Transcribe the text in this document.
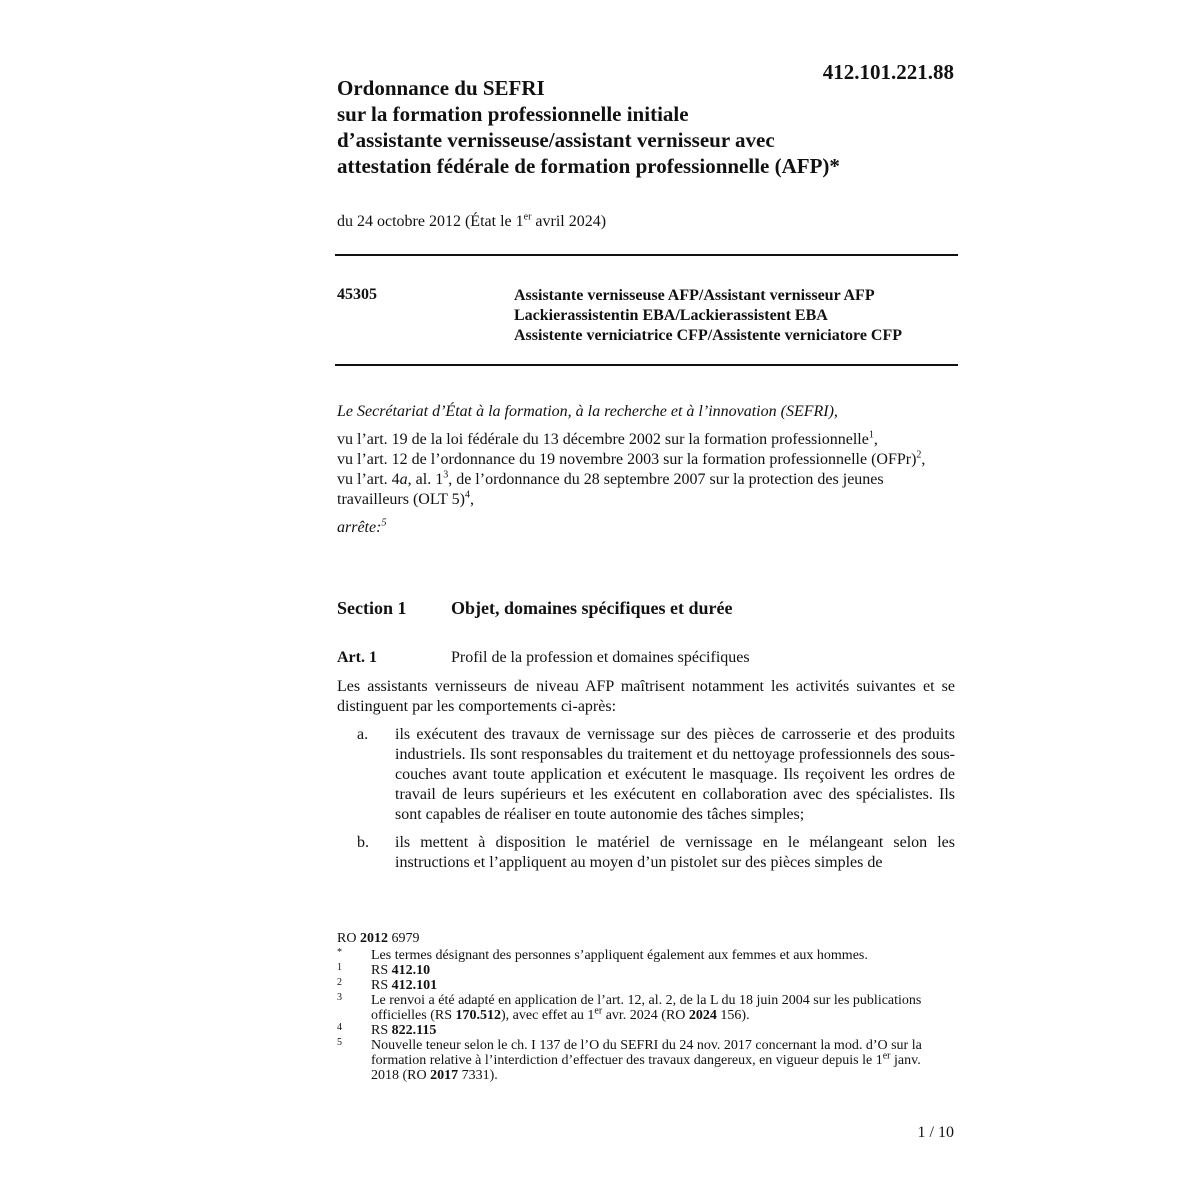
412.101.221.88
Ordonnance du SEFRI
sur la formation professionnelle initiale
d’assistante vernisseuse/assistant vernisseur avec
attestation fédérale de formation professionnelle (AFP)*
du 24 octobre 2012 (État le 1er avril 2024)
45305	Assistante vernisseuse AFP/Assistant vernisseur AFP
Lackierassistentin EBA/Lackierassistent EBA
Assistente verniciatrice CFP/Assistente verniciatore CFP

Le Secrétariat d’État à la formation, à la recherche et à l’innovation (SEFRI),

vu l’art. 19 de la loi fédérale du 13 décembre 2002 sur la formation professionnelle$^1$,

vu l’art. 12 de l’ordonnance du 19 novembre 2003 sur la formation professionnelle (OFPr)$^2$,

vu l’art. 4a, al. $1^3$, de l’ordonnance du 28 septembre 2007 sur la protection des jeunes travailleurs (OLT 5)$^4$,

arrête:$^5$

Section 1 Objet, domaines spécifiques et durée
Art. 1	Profil de la profession et domaines spécifiques

Les assistants vernisseurs de niveau AFP maîtrisent notamment les activités suivantes et se distinguent par les comportements ci-après:

a. ils exécutent des travaux de vernissage sur des pièces de carrosserie et des produits industriels. Ils sont responsables du traitement et du nettoyage professionnels des sous-couches avant toute application et exécutent le masquage. Ils reçoivent les ordres de travail de leurs supérieurs et les exécutent en collaboration avec des spécialistes. Ils sont capables de réaliser en toute autonomie des tâches simples;
b. ils mettent à disposition le matériel de vernissage en le mélangeant selon les instructions et l’appliquent au moyen d’un pistolet sur des pièces simples de
RO 2012 6979
* Les termes désignant des personnes s’appliquent également aux femmes et aux hommes.
1 RS 412.10
2 RS 412.101
3 Le renvoi a été adapté en application de l’art. 12, al. 2, de la L du 18 juin 2004 sur les publications officielles (RS 170.512), avec effet au 1er avr. 2024 (RO 2024 156).
4 RS 822.115
5 Nouvelle teneur selon le ch. I 137 de l’O du SEFRI du 24 nov. 2017 concernant la mod. d’O sur la formation relative à l’interdiction d’effectuer des travaux dangereux, en vigueur depuis le 1er janv. 2018 (RO 2017 7331).
1 / 10
